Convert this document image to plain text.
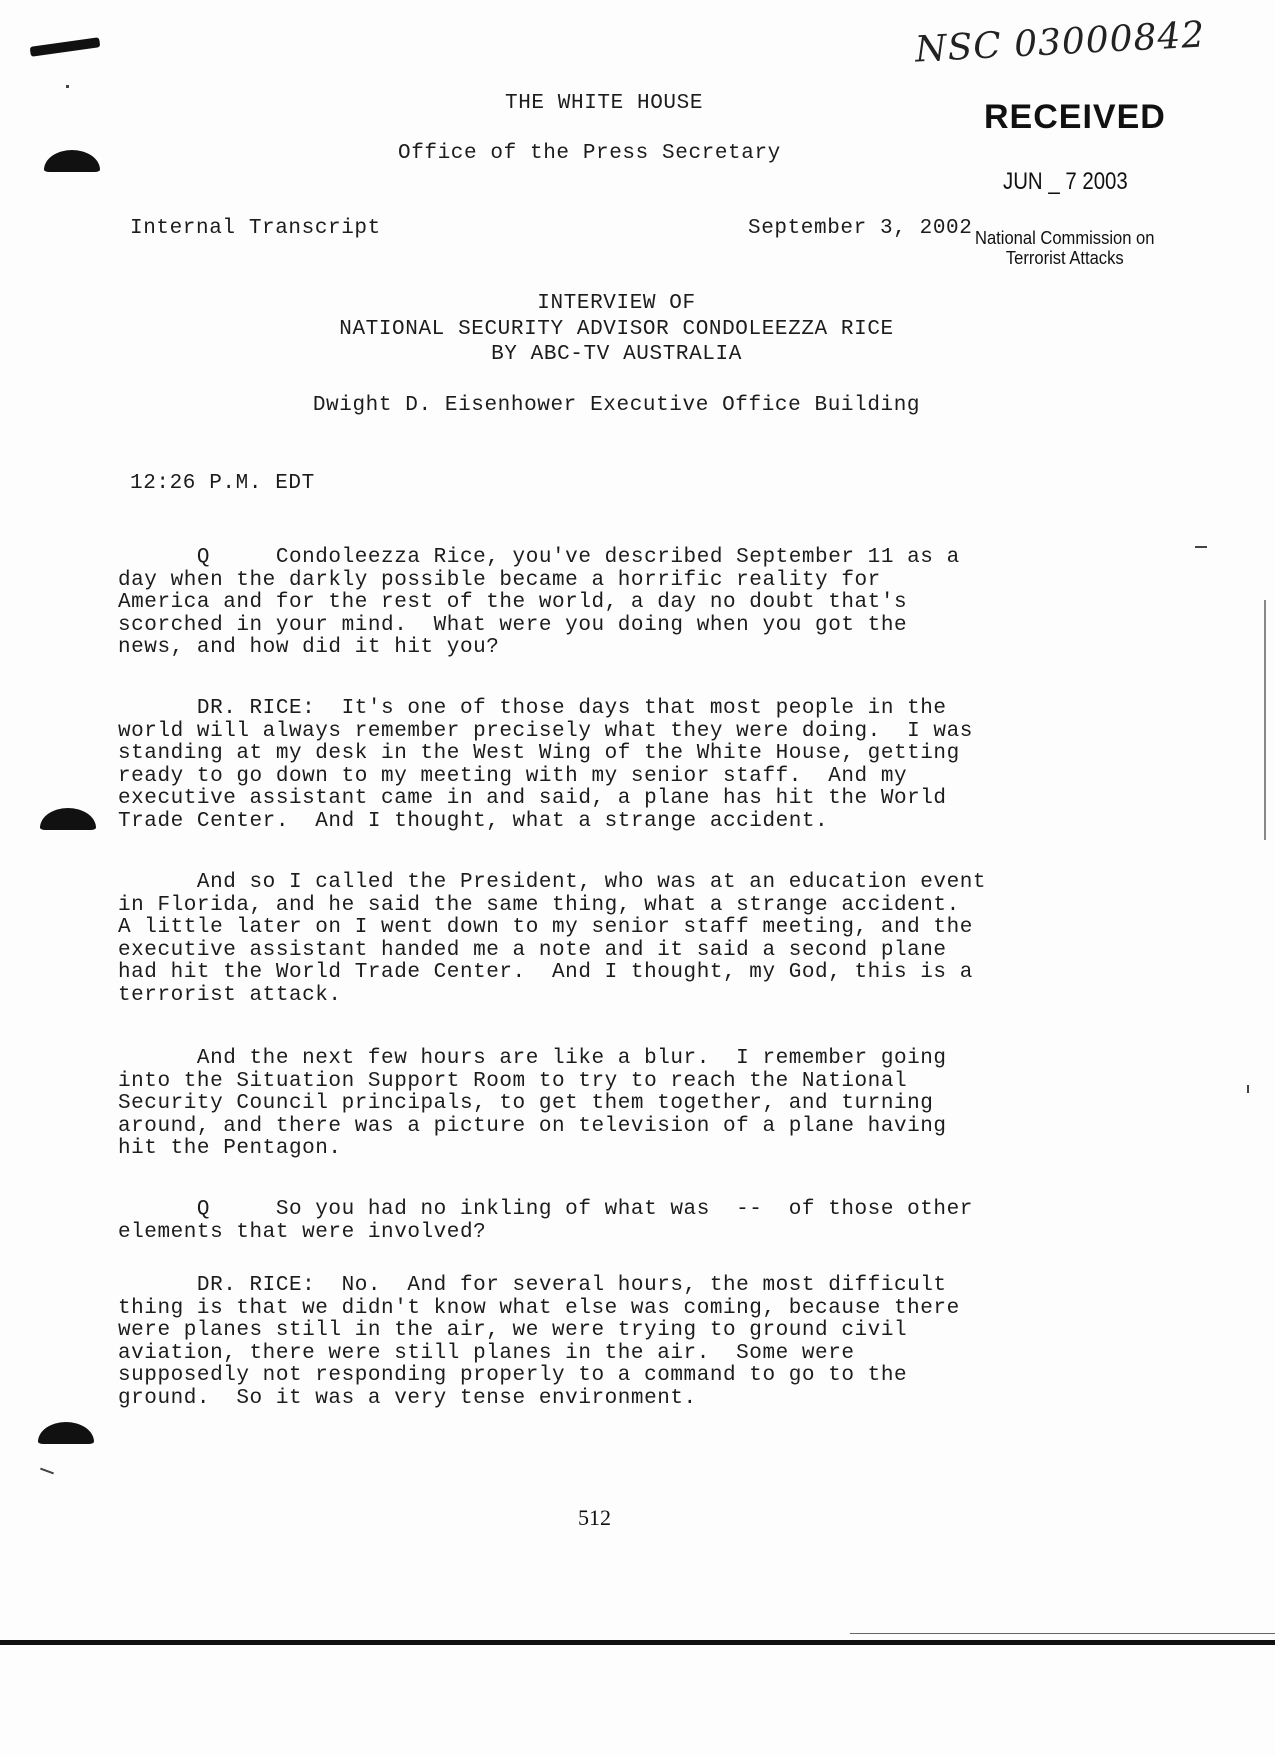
NSC 03000842
RECEIVED
JUN _ 7 2003
THE WHITE HOUSE
Office of the Press Secretary
Internal Transcript	September 3, 2002 National Commission on
Terrorist Attacks
INTERVIEW OF
NATIONAL SECURITY ADVISOR CONDOLEEZZA RICE
BY ABC-TV AUSTRALIA
Dwight D. Eisenhower Executive Office Building
12:26 P.M. EDT
Q     Condoleezza Rice, you've described September 11 as a
day when the darkly possible became a horrific reality for
America and for the rest of the world, a day no doubt that's
scorched in your mind.  What were you doing when you got the
news, and how did it hit you?
DR. RICE:  It's one of those days that most people in the
world will always remember precisely what they were doing.  I was
standing at my desk in the West Wing of the White House, getting
ready to go down to my meeting with my senior staff.  And my
executive assistant came in and said, a plane has hit the World
Trade Center.  And I thought, what a strange accident.
And so I called the President, who was at an education event
in Florida, and he said the same thing, what a strange accident.
A little later on I went down to my senior staff meeting, and the
executive assistant handed me a note and it said a second plane
had hit the World Trade Center.  And I thought, my God, this is a
terrorist attack.
And the next few hours are like a blur.  I remember going
into the Situation Support Room to try to reach the National
Security Council principals, to get them together, and turning
around, and there was a picture on television of a plane having
hit the Pentagon.
Q     So you had no inkling of what was  --  of those other
elements that were involved?
DR. RICE:  No.  And for several hours, the most difficult
thing is that we didn't know what else was coming, because there
were planes still in the air, we were trying to ground civil
aviation, there were still planes in the air.  Some were
supposedly not responding properly to a command to go to the
ground.  So it was a very tense environment.
512
